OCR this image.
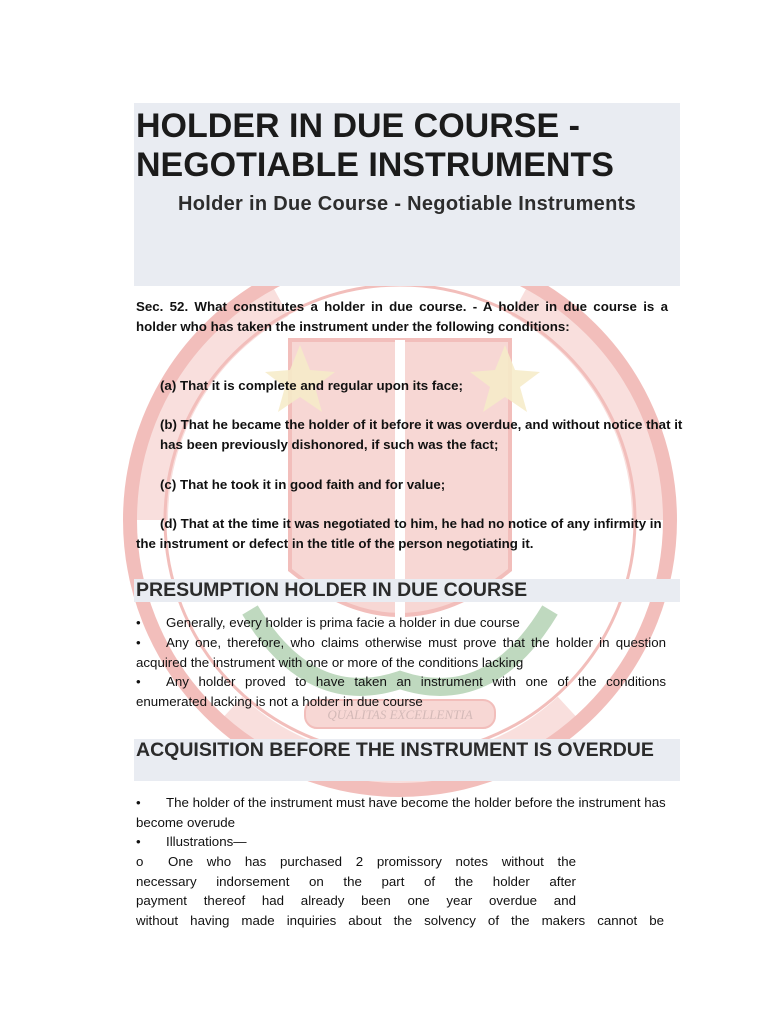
QUALITAS EXCELLENTIA
HOLDER IN DUE COURSE - NEGOTIABLE INSTRUMENTS

Holder in Due Course - Negotiable Instruments

Sec. 52. What constitutes a holder in due course. - A holder in due course is a holder who has taken the instrument under the following conditions:

(a) That it is complete and regular upon its face;

(b) That he became the holder of it before it was overdue, and without notice that it has been previously dishonored, if such was the fact;

(c) That he took it in good faith and for value;

(d) That at the time it was negotiated to him, he had no notice of any infirmity in the instrument or defect in the title of the person negotiating it.

PRESUMPTION HOLDER IN DUE COURSE

• Generally, every holder is prima facie a holder in due course

• Any one, therefore, who claims otherwise must prove that the holder in question acquired the instrument with one or more of the conditions lacking

• Any holder proved to have taken an instrument with one of the conditions enumerated lacking is not a holder in due course

ACQUISITION BEFORE THE INSTRUMENT IS OVERDUE

• The holder of the instrument must have become the holder before the instrument has become overude

• Illustrations—

o One who has purchased 2 promissory notes without the
necessary indorsement on the part of the holder after
payment thereof had already been one year overdue and
without having made inquiries about the solvency of the makers cannot be
